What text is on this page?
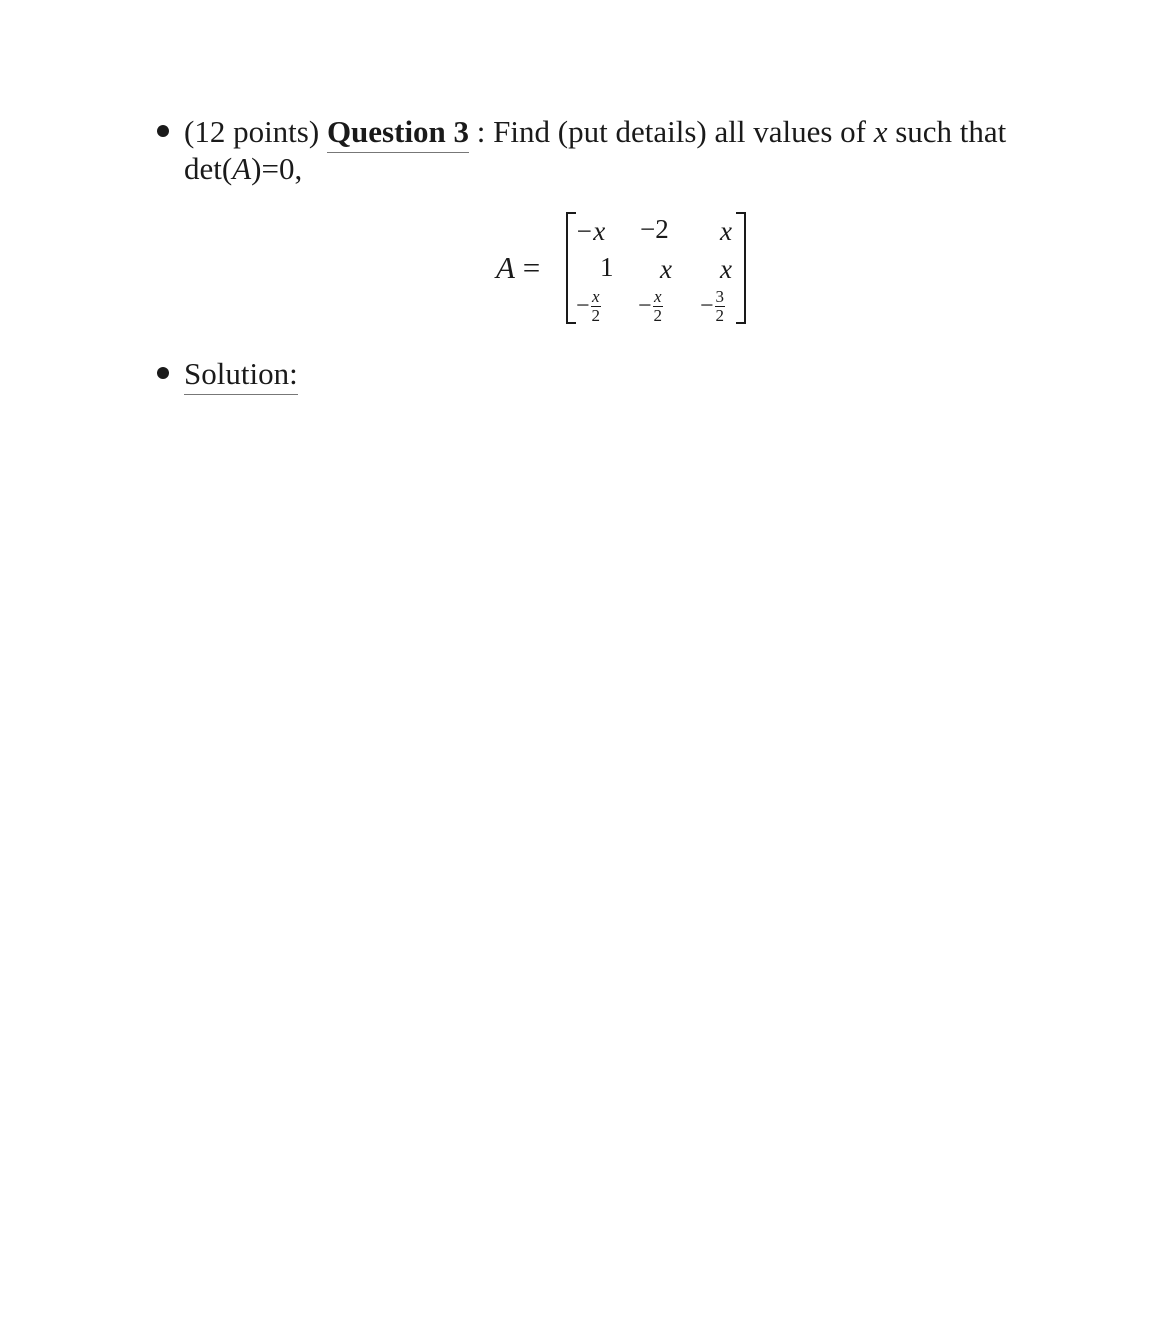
(12 points) Question 3 : Find (put details) all values of x such that
det(A)=0,
A =
−x −2 x
1 x x
− $\frac{x}{2} - \frac{x}{2} - \frac{3}{2}$
Solution:
